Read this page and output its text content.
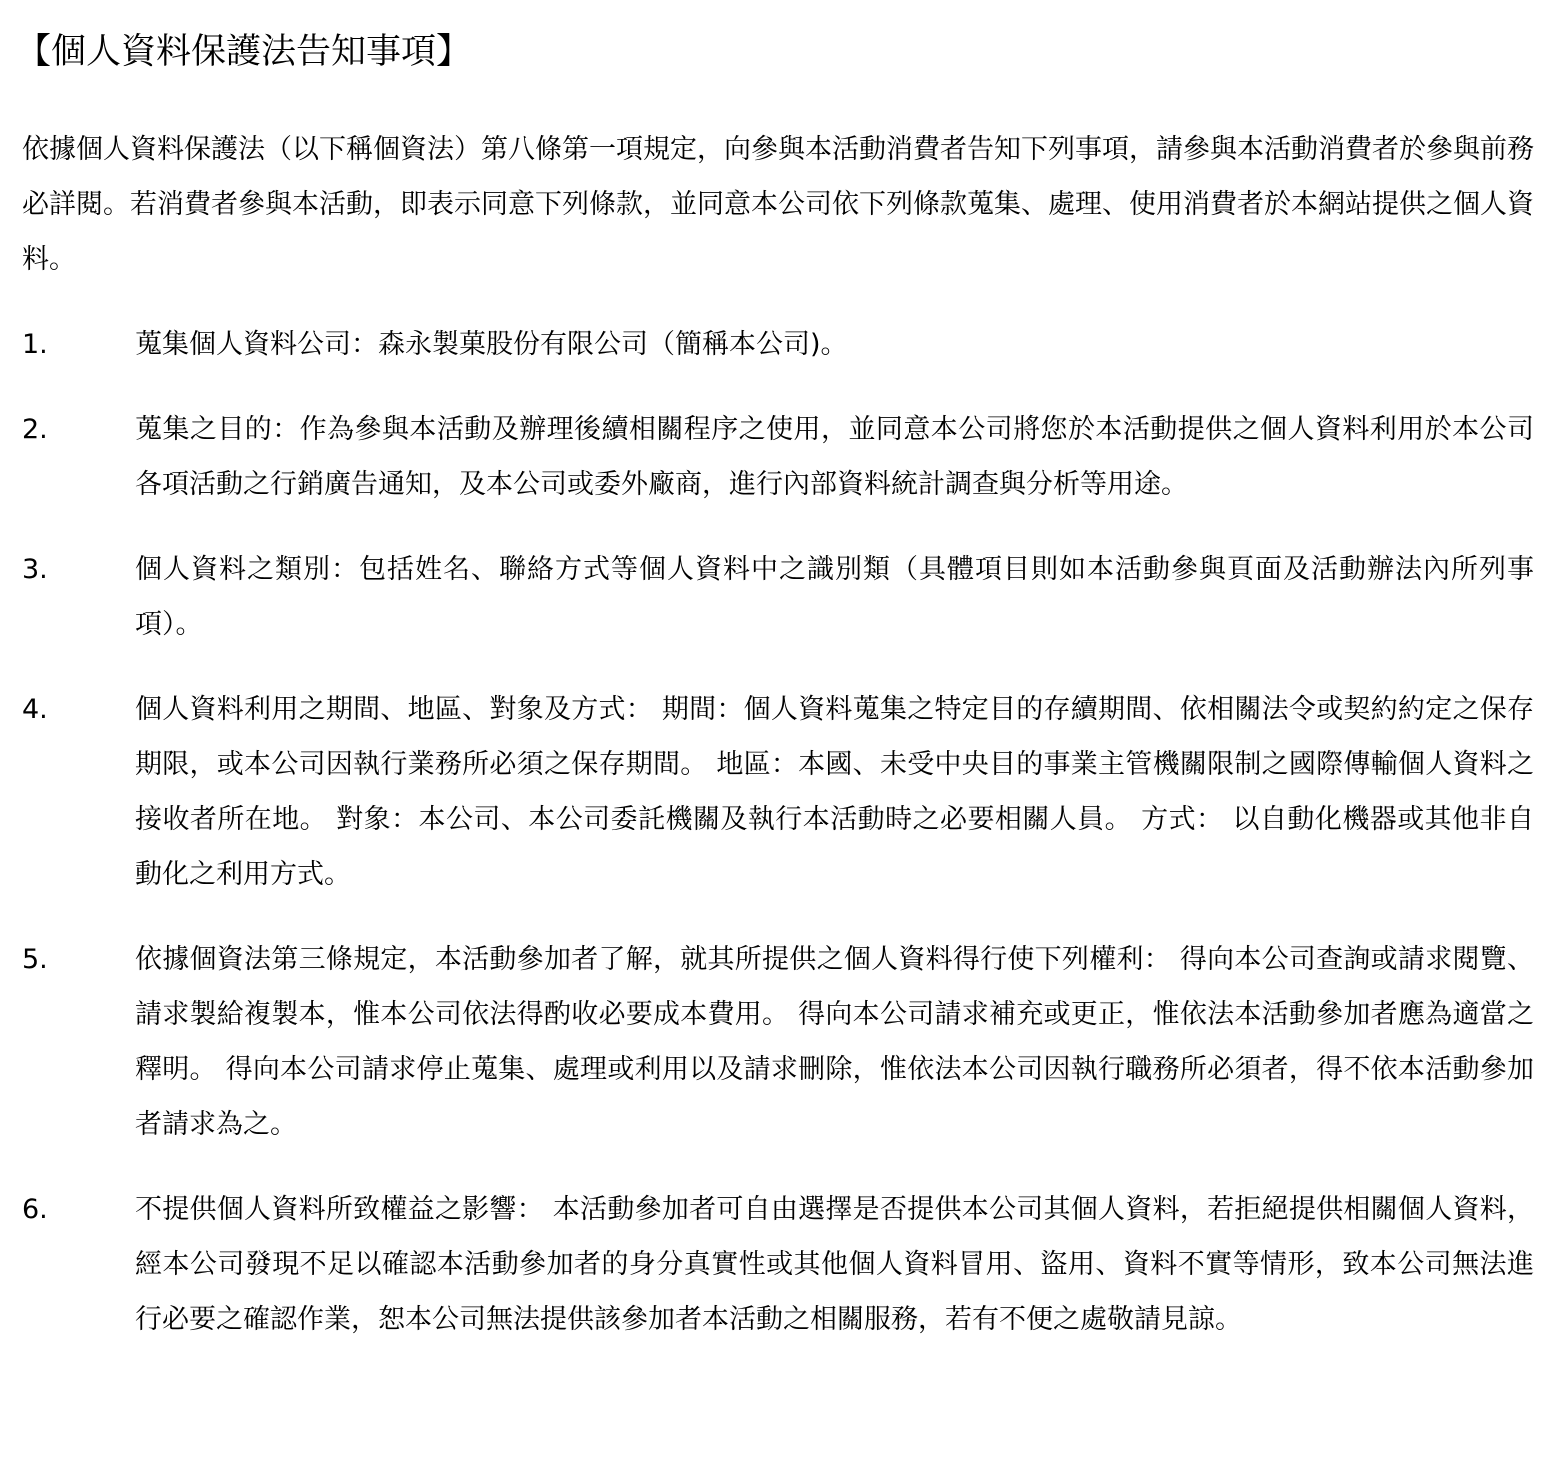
【個人資料保護法告知事項】

依據個人資料保護法（以下稱個資法）第八條第一項規定，向參與本活動消費者告知下列事項，請參與本活動消費者於參與前務必詳閱。若消費者參與本活動，即表示同意下列條款，並同意本公司依下列條款蒐集、處理、使用消費者於本網站提供之個人資料。

1.	蒐集個人資料公司：森永製菓股份有限公司（簡稱本公司)。
2.	蒐集之目的：作為參與本活動及辦理後續相關程序之使用，並同意本公司將您於本活動提供之個人資料利用於本公司各項活動之行銷廣告通知，及本公司或委外廠商，進行內部資料統計調查與分析等用途。
3.	個人資料之類別：包括姓名、聯絡方式等個人資料中之識別類（具體項目則如本活動參與頁面及活動辦法內所列事項）。
4.	個人資料利用之期間、地區、對象及方式： 期間：個人資料蒐集之特定目的存續期間、依相關法令或契約約定之保存期限，或本公司因執行業務所必須之保存期間。 地區：本國、未受中央目的事業主管機關限制之國際傳輸個人資料之接收者所在地。 對象：本公司、本公司委託機關及執行本活動時之必要相關人員。 方式： 以自動化機器或其他非自動化之利用方式。
5.	依據個資法第三條規定，本活動參加者了解，就其所提供之個人資料得行使下列權利： 得向本公司查詢或請求閱覽、請求製給複製本，惟本公司依法得酌收必要成本費用。 得向本公司請求補充或更正，惟依法本活動參加者應為適當之釋明。 得向本公司請求停止蒐集、處理或利用以及請求刪除，惟依法本公司因執行職務所必須者，得不依本活動參加者請求為之。
6.	不提供個人資料所致權益之影響： 本活動參加者可自由選擇是否提供本公司其個人資料，若拒絕提供相關個人資料，經本公司發現不足以確認本活動參加者的身分真實性或其他個人資料冒用、盜用、資料不實等情形，致本公司無法進行必要之確認作業，恕本公司無法提供該參加者本活動之相關服務，若有不便之處敬請見諒。
